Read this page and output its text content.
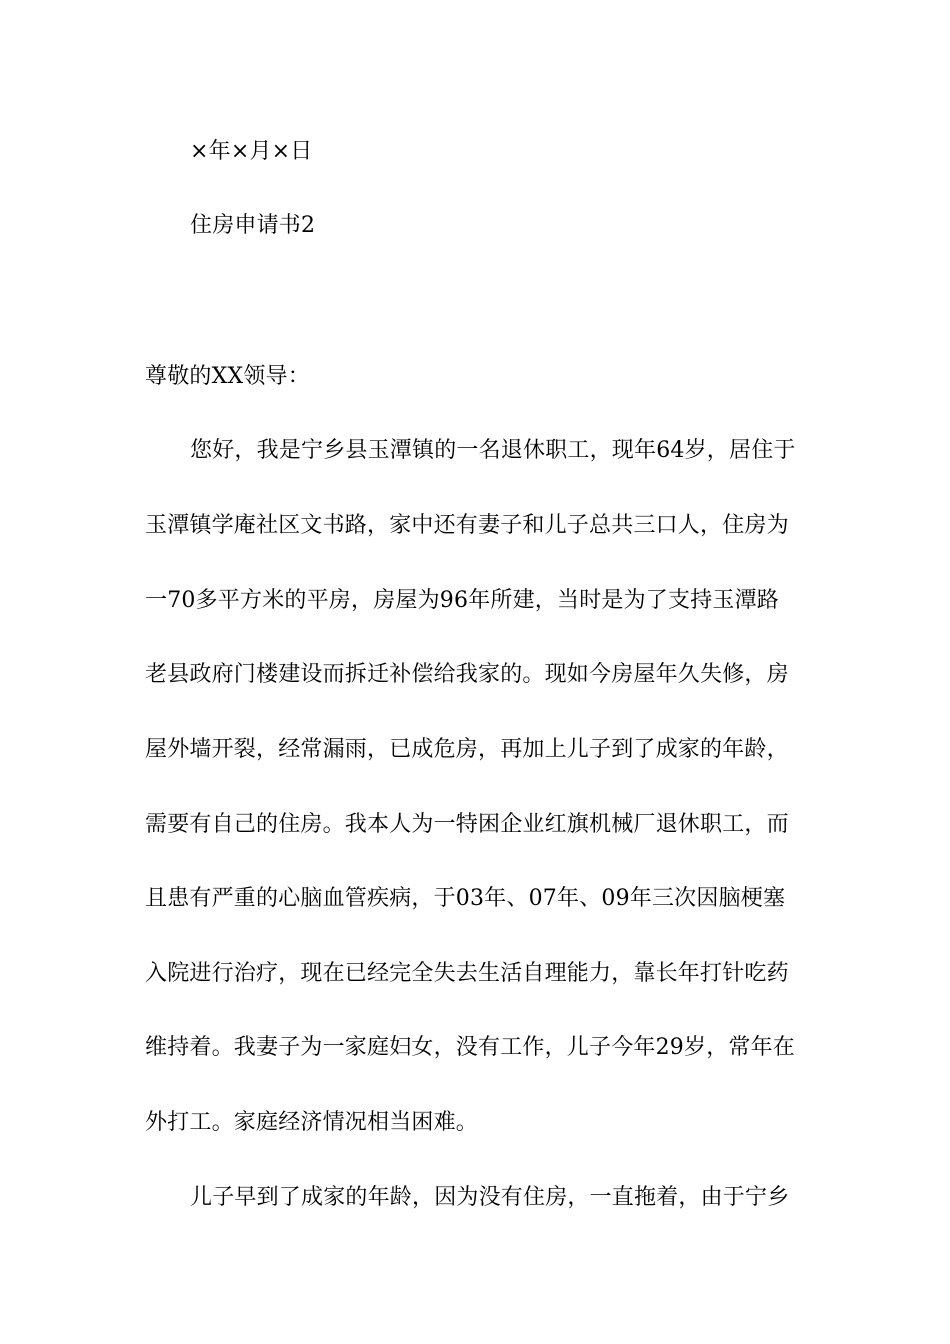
×年×月×日
住房申请书2
尊敬的XX领导：
您好，我是宁乡县玉潭镇的一名退休职工，现年64岁，居住于
玉潭镇学庵社区文书路，家中还有妻子和儿子总共三口人，住房为
一70多平方米的平房，房屋为96年所建，当时是为了支持玉潭路
老县政府门楼建设而拆迁补偿给我家的。现如今房屋年久失修，房
屋外墙开裂，经常漏雨，已成危房，再加上儿子到了成家的年龄，
需要有自己的住房。我本人为一特困企业红旗机械厂退休职工，而
且患有严重的心脑血管疾病，于03年、07年、09年三次因脑梗塞
入院进行治疗，现在已经完全失去生活自理能力，靠长年打针吃药
维持着。我妻子为一家庭妇女，没有工作，儿子今年29岁，常年在
外打工。家庭经济情况相当困难。
儿子早到了成家的年龄，因为没有住房，一直拖着，由于宁乡
